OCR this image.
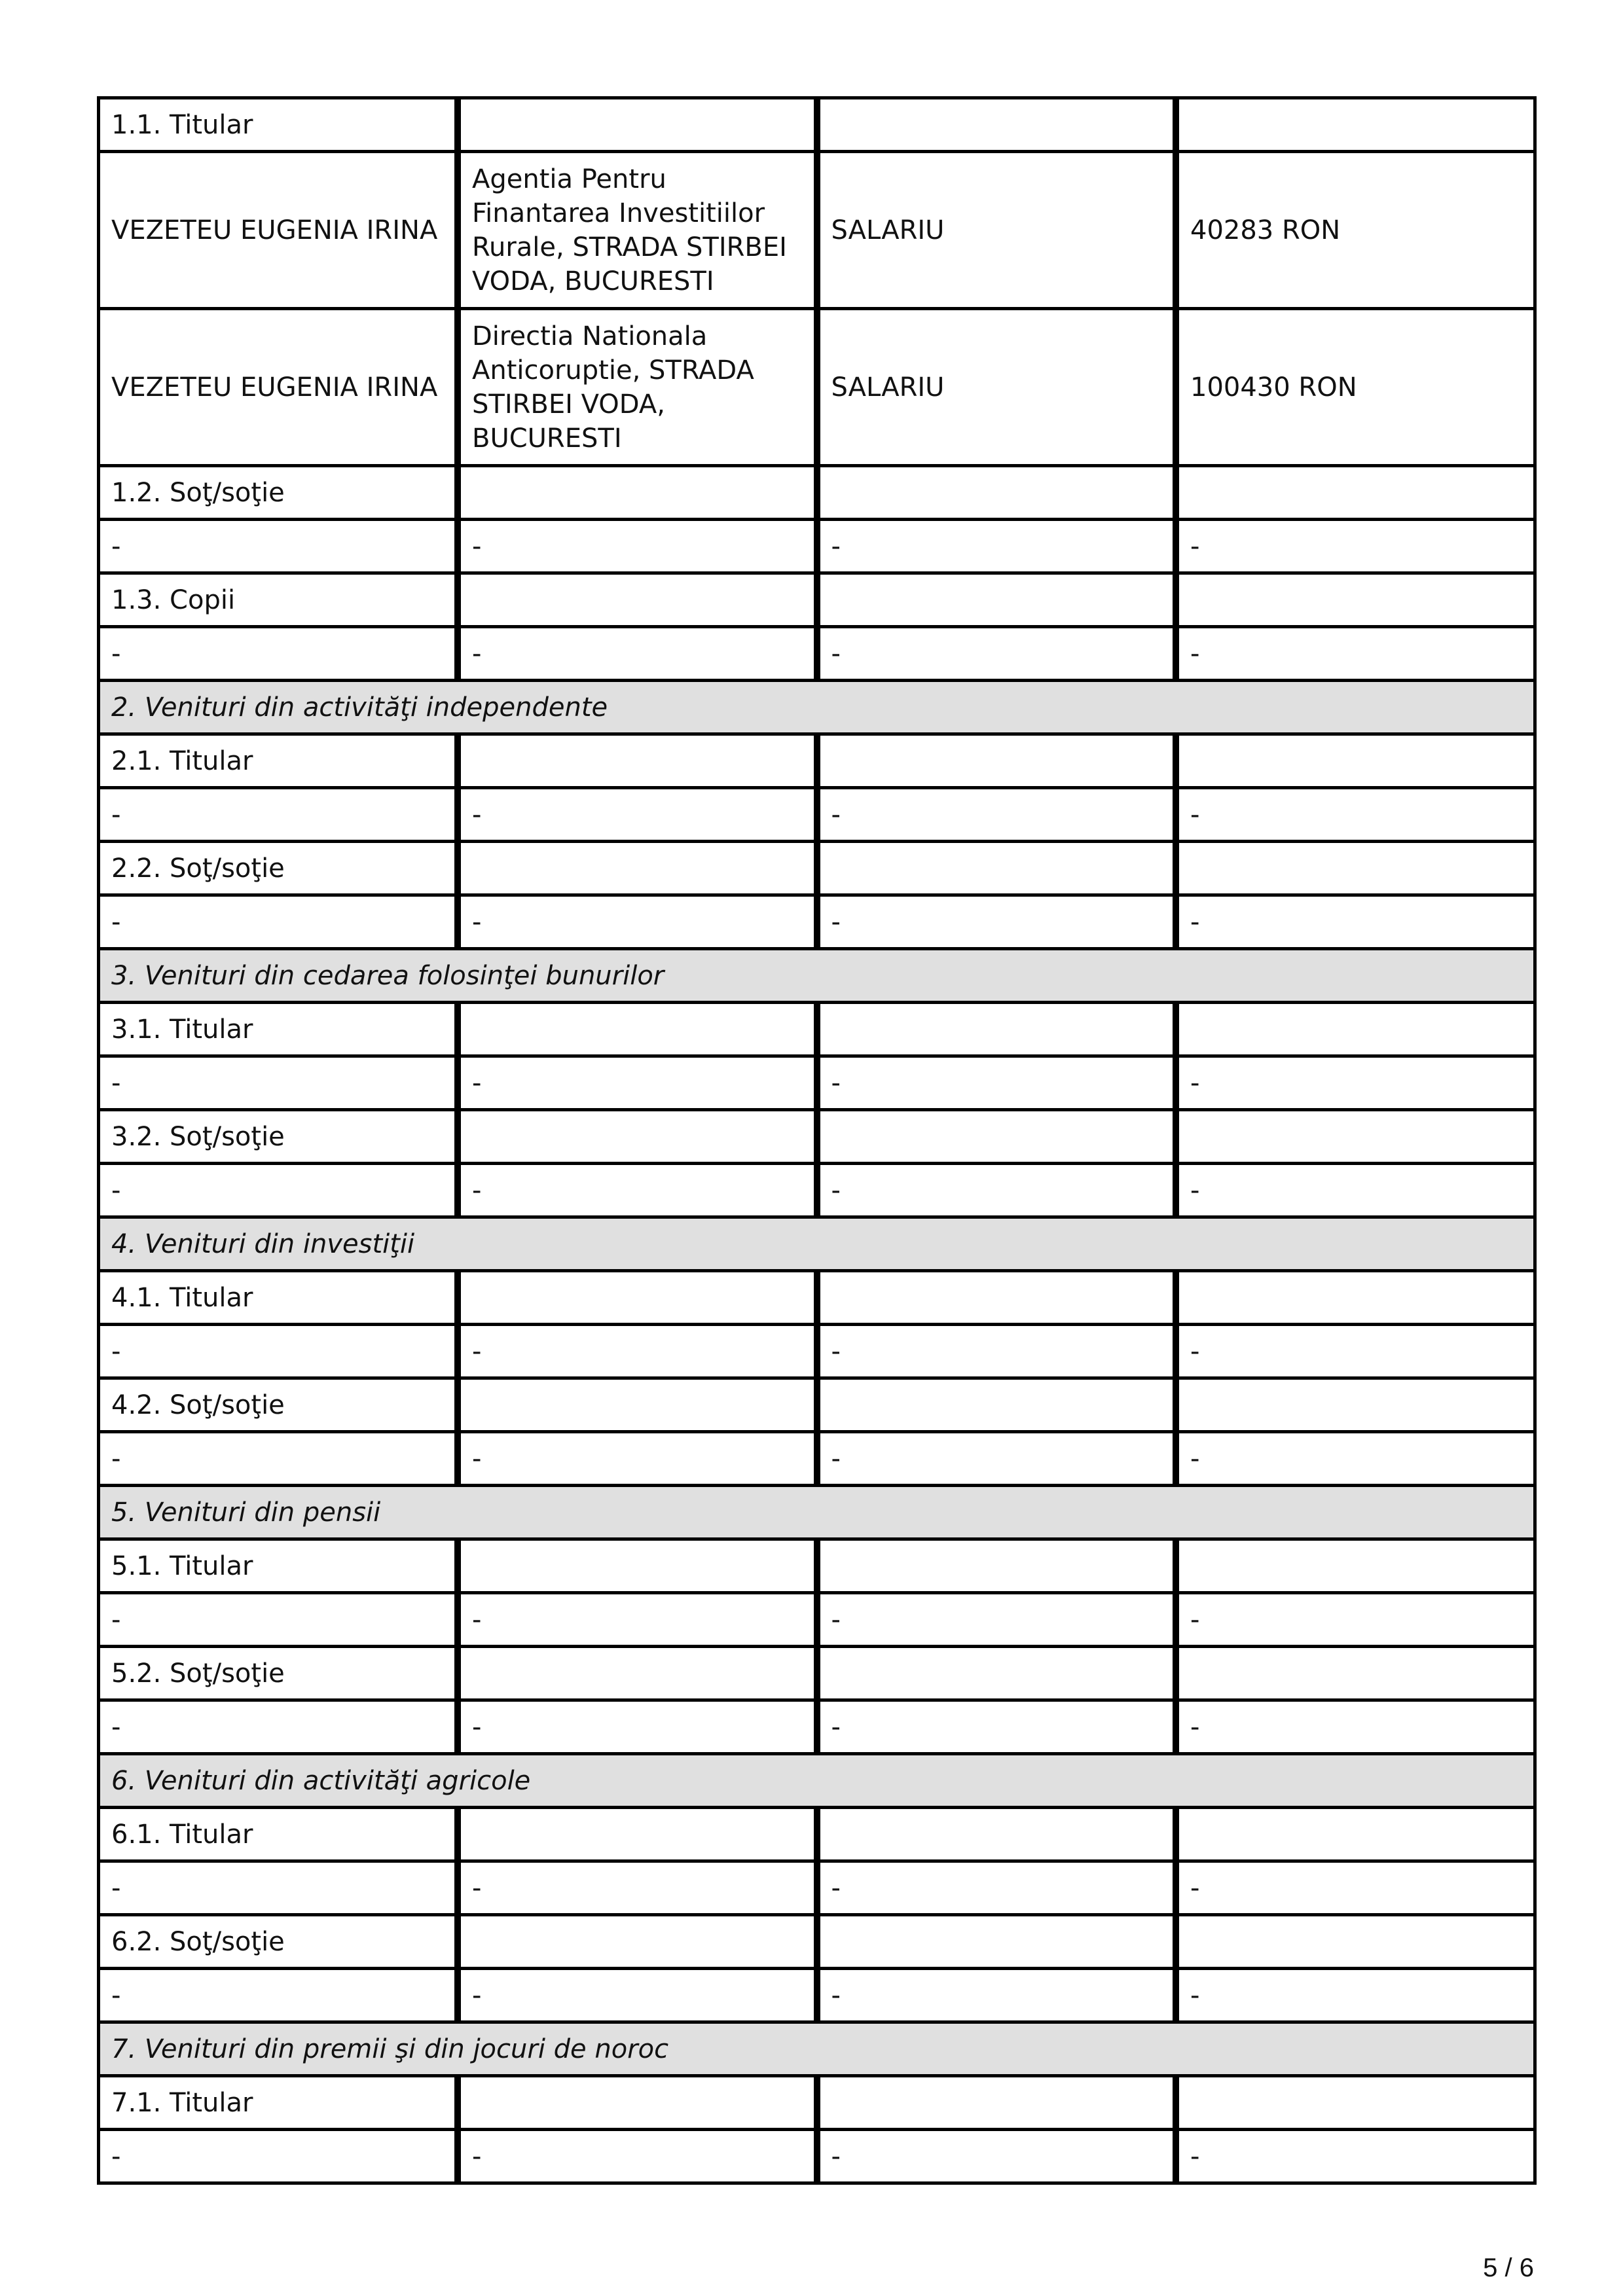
1.1. Titular			
VEZETEU EUGENIA IRINA	Agentia Pentru Finantarea Investitiilor Rurale, STRADA STIRBEI VODA, BUCURESTI	SALARIU	40283 RON
VEZETEU EUGENIA IRINA	Directia Nationala Anticoruptie, STRADA STIRBEI VODA, BUCURESTI	SALARIU	100430 RON
1.2. Soţ/soţie			
-	-	-	-
1.3. Copii			
-	-	-	-
2. Venituri din activităţi independente			
2.1. Titular			
-	-	-	-
2.2. Soţ/soţie			
-	-	-	-
3. Venituri din cedarea folosinţei bunurilor			
3.1. Titular			
-	-	-	-
3.2. Soţ/soţie			
-	-	-	-
4. Venituri din investiţii			
4.1. Titular			
-	-	-	-
4.2. Soţ/soţie			
-	-	-	-
5. Venituri din pensii			
5.1. Titular			
-	-	-	-
5.2. Soţ/soţie			
-	-	-	-
6. Venituri din activităţi agricole			
6.1. Titular			
-	-	-	-
6.2. Soţ/soţie			
-	-	-	-
7. Venituri din premii şi din jocuri de noroc			
7.1. Titular			
-	-	-	-
5 / 6
